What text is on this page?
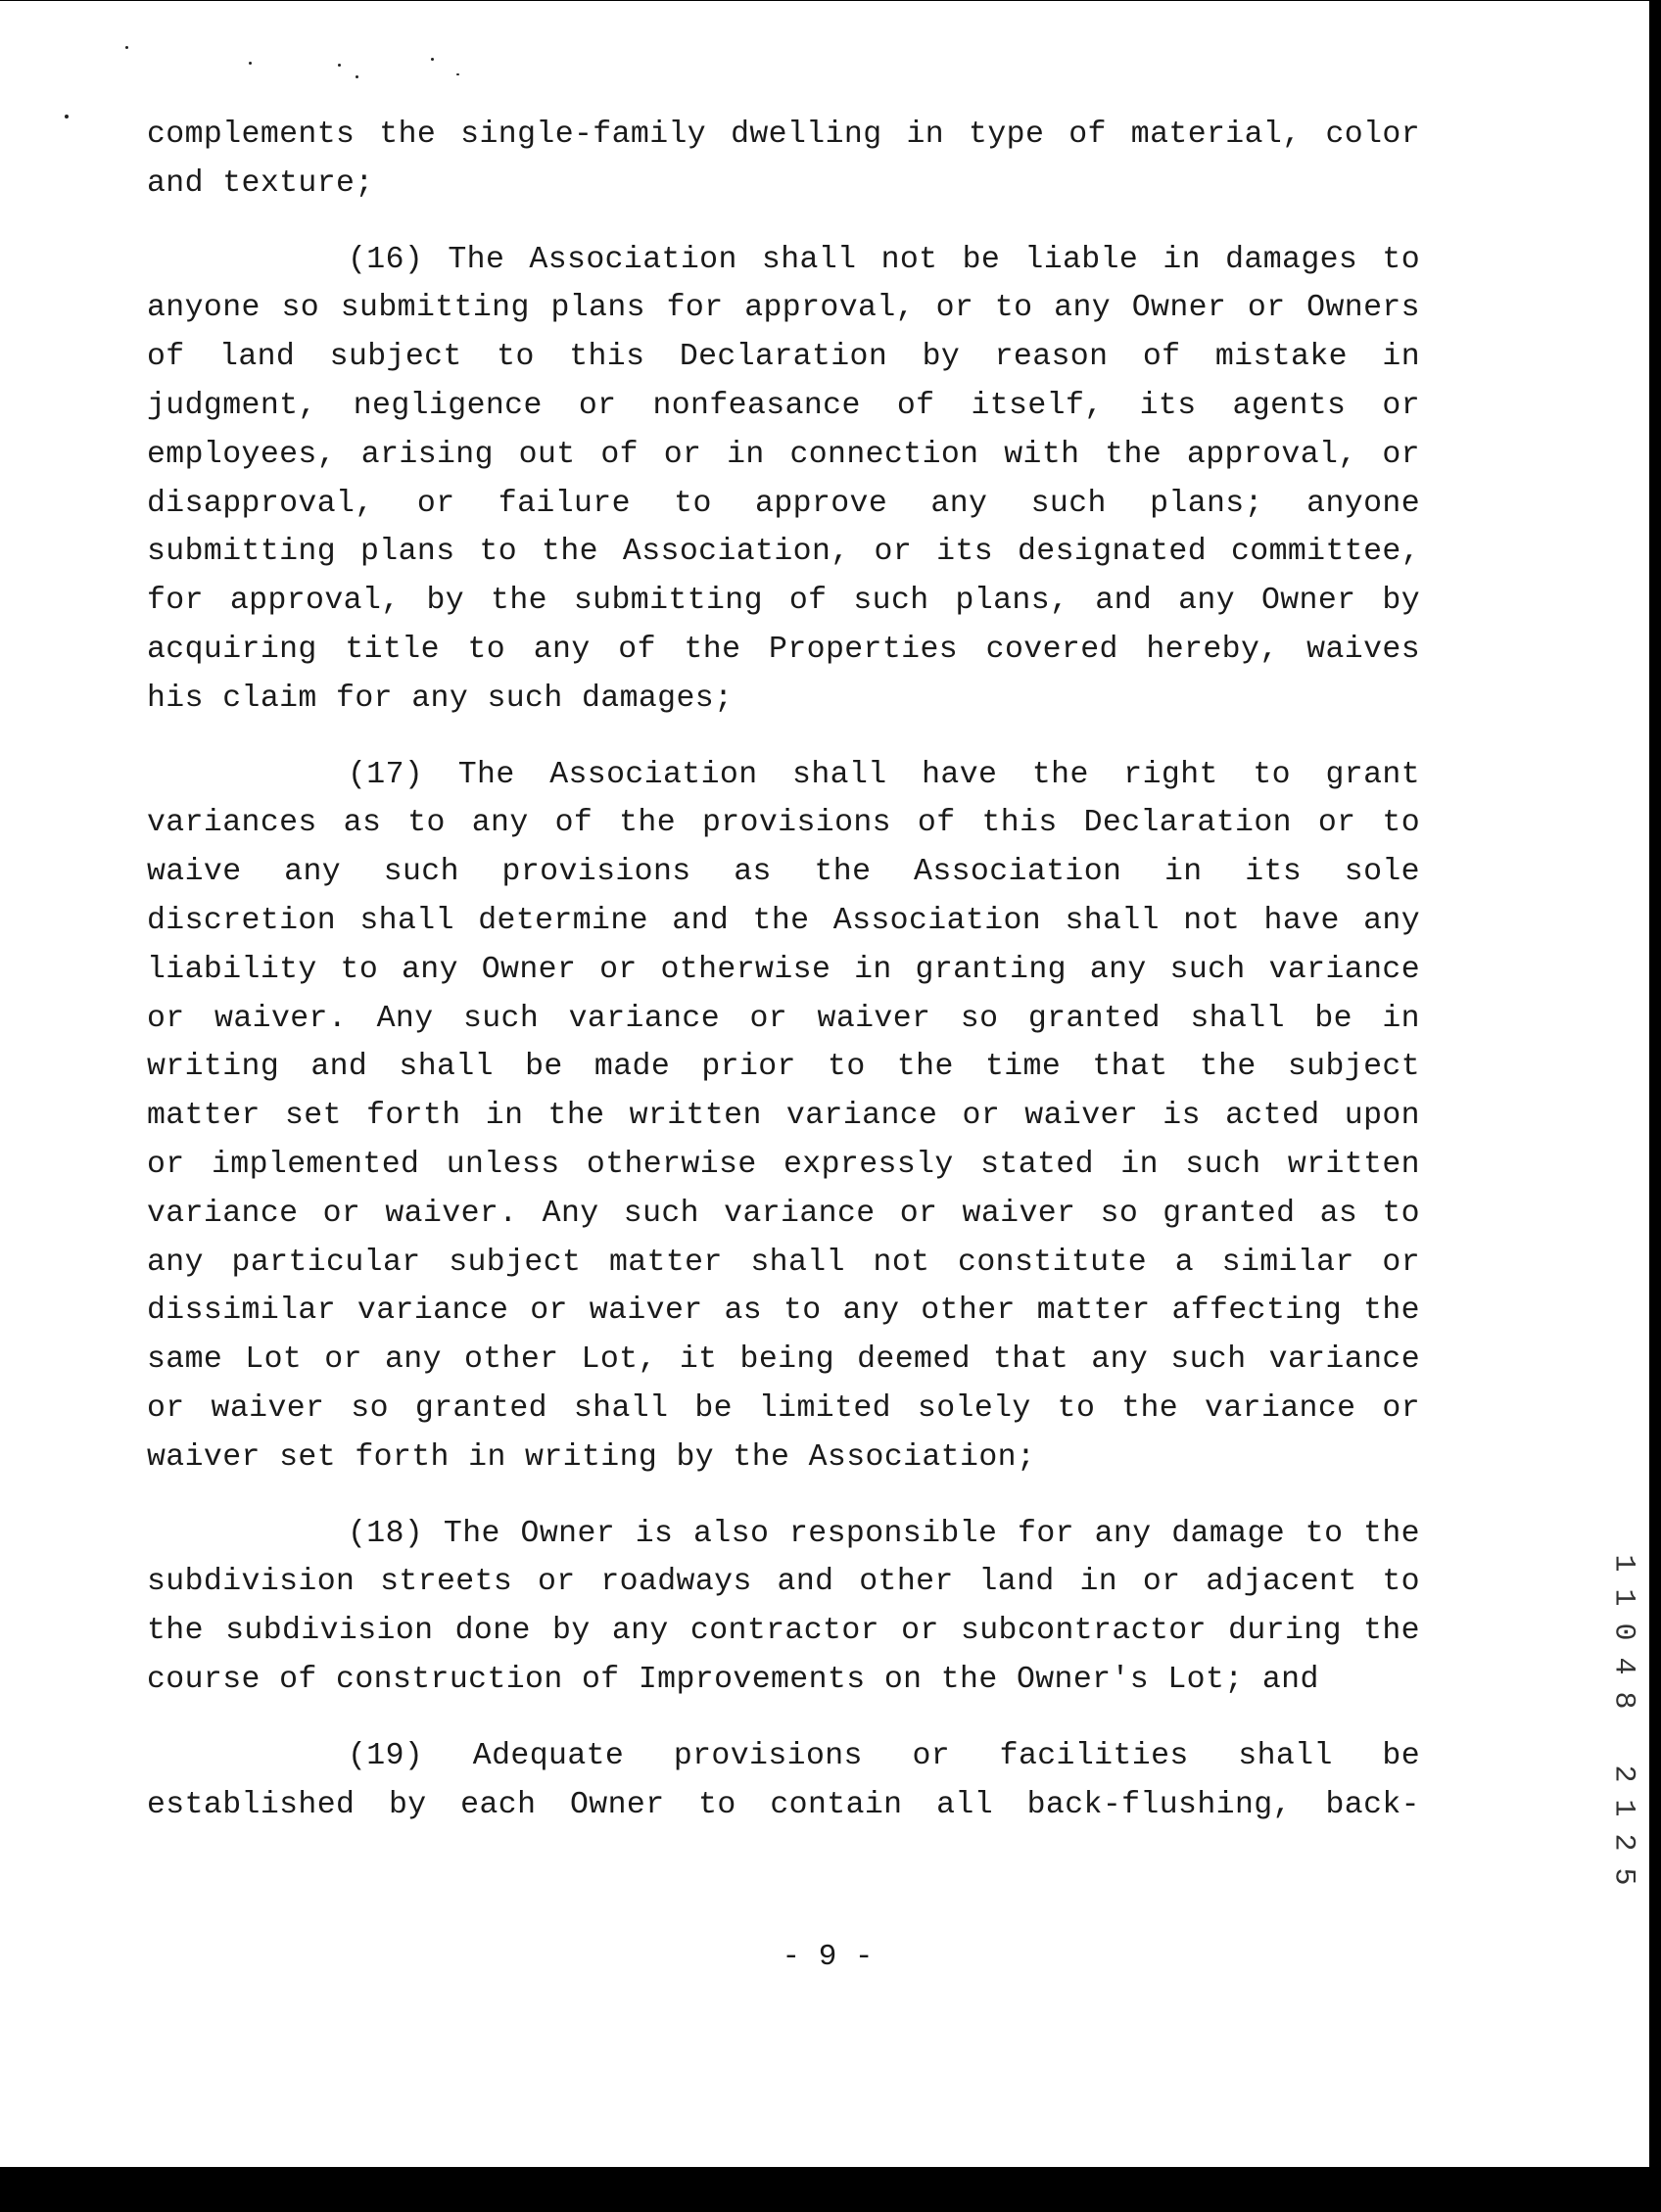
complements the single-family dwelling in type of material, color
and texture;
(16) The Association shall not be liable in damages to
anyone so submitting plans for approval, or to any Owner or Owners
of land subject to this Declaration by reason of mistake in
judgment, negligence or nonfeasance of itself, its agents or
employees, arising out of or in connection with the approval, or
disapproval, or failure to approve any such plans; anyone
submitting plans to the Association, or its designated committee,
for approval, by the submitting of such plans, and any Owner by
acquiring title to any of the Properties covered hereby, waives
his claim for any such damages;
(17) The Association shall have the right to grant
variances as to any of the provisions of this Declaration or to
waive any such provisions as the Association in its sole
discretion shall determine and the Association shall not have any
liability to any Owner or otherwise in granting any such variance
or waiver. Any such variance or waiver so granted shall be in
writing and shall be made prior to the time that the subject
matter set forth in the written variance or waiver is acted upon
or implemented unless otherwise expressly stated in such written
variance or waiver. Any such variance or waiver so granted as to
any particular subject matter shall not constitute a similar or
dissimilar variance or waiver as to any other matter affecting the
same Lot or any other Lot, it being deemed that any such variance
or waiver so granted shall be limited solely to the variance or
waiver set forth in writing by the Association;
(18) The Owner is also responsible for any damage to the
subdivision streets or roadways and other land in or adjacent to
the subdivision done by any contractor or subcontractor during the
course of construction of Improvements on the Owner's Lot; and
(19) Adequate provisions or facilities shall be
established by each Owner to contain all back-flushing, back-
1
1
0
4
8
2
1
2
5
- 9 -
